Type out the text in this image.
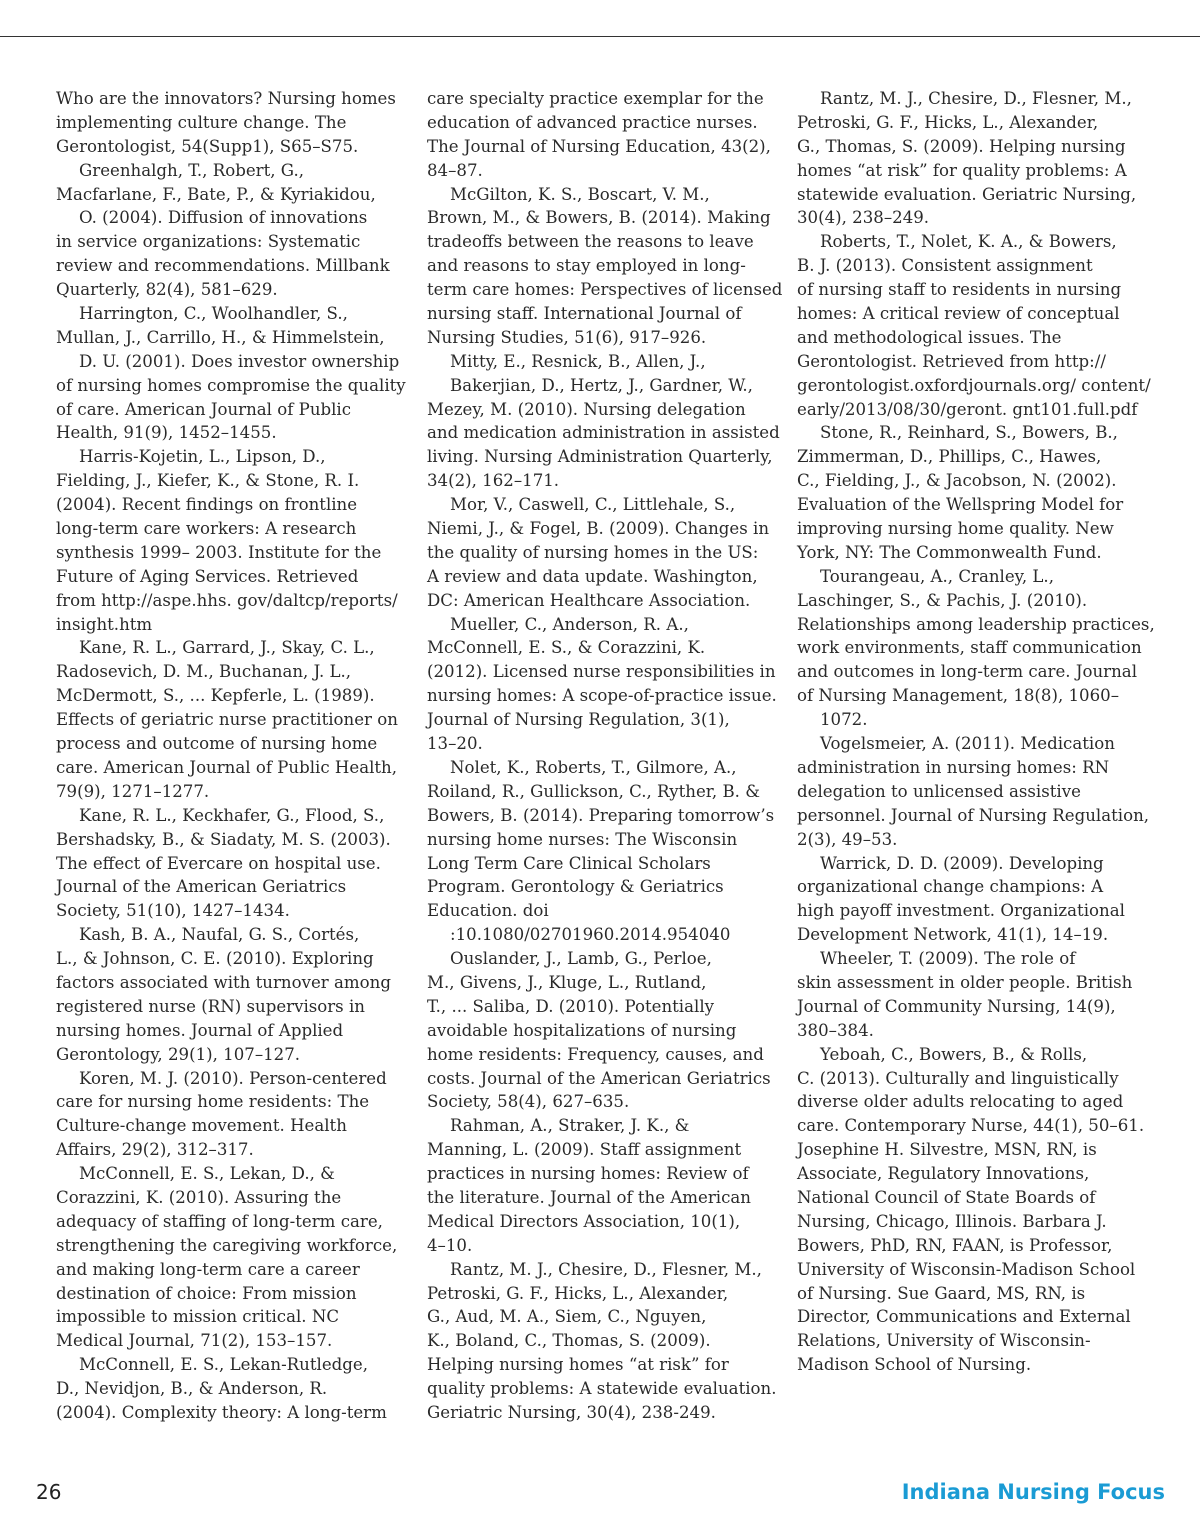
Who are the innovators? Nursing homes
implementing culture change. The
Gerontologist, 54(Supp1), S65–S75.
Greenhalgh, T., Robert, G.,
Macfarlane, F., Bate, P., & Kyriakidou,
O. (2004). Diffusion of innovations
in service organizations: Systematic
review and recommendations. Millbank
Quarterly, 82(4), 581–629.
Harrington, C., Woolhandler, S.,
Mullan, J., Carrillo, H., & Himmelstein,
D. U. (2001). Does investor ownership
of nursing homes compromise the quality
of care. American Journal of Public
Health, 91(9), 1452–1455.
Harris-Kojetin, L., Lipson, D.,
Fielding, J., Kiefer, K., & Stone, R. I.
(2004). Recent findings on frontline
long-term care workers: A research
synthesis 1999– 2003. Institute for the
Future of Aging Services. Retrieved
from http://aspe.hhs. gov/daltcp/reports/
insight.htm
Kane, R. L., Garrard, J., Skay, C. L.,
Radosevich, D. M., Buchanan, J. L.,
McDermott, S., ... Kepferle, L. (1989).
Effects of geriatric nurse practitioner on
process and outcome of nursing home
care. American Journal of Public Health,
79(9), 1271–1277.
Kane, R. L., Keckhafer, G., Flood, S.,
Bershadsky, B., & Siadaty, M. S. (2003).
The effect of Evercare on hospital use.
Journal of the American Geriatrics
Society, 51(10), 1427–1434.
Kash, B. A., Naufal, G. S., Cortés,
L., & Johnson, C. E. (2010). Exploring
factors associated with turnover among
registered nurse (RN) supervisors in
nursing homes. Journal of Applied
Gerontology, 29(1), 107–127.
Koren, M. J. (2010). Person-centered
care for nursing home residents: The
Culture-change movement. Health
Affairs, 29(2), 312–317.
McConnell, E. S., Lekan, D., &
Corazzini, K. (2010). Assuring the
adequacy of staffing of long-term care,
strengthening the caregiving workforce,
and making long-term care a career
destination of choice: From mission
impossible to mission critical. NC
Medical Journal, 71(2), 153–157.
McConnell, E. S., Lekan-Rutledge,
D., Nevidjon, B., & Anderson, R.
(2004). Complexity theory: A long-term
care specialty practice exemplar for the
education of advanced practice nurses.
The Journal of Nursing Education, 43(2),
84–87.
McGilton, K. S., Boscart, V. M.,
Brown, M., & Bowers, B. (2014). Making
tradeoffs between the reasons to leave
and reasons to stay employed in long-
term care homes: Perspectives of licensed
nursing staff. International Journal of
Nursing Studies, 51(6), 917–926.
Mitty, E., Resnick, B., Allen, J.,
Bakerjian, D., Hertz, J., Gardner, W.,
Mezey, M. (2010). Nursing delegation
and medication administration in assisted
living. Nursing Administration Quarterly,
34(2), 162–171.
Mor, V., Caswell, C., Littlehale, S.,
Niemi, J., & Fogel, B. (2009). Changes in
the quality of nursing homes in the US:
A review and data update. Washington,
DC: American Healthcare Association.
Mueller, C., Anderson, R. A.,
McConnell, E. S., & Corazzini, K.
(2012). Licensed nurse responsibilities in
nursing homes: A scope-of-practice issue.
Journal of Nursing Regulation, 3(1),
13–20.
Nolet, K., Roberts, T., Gilmore, A.,
Roiland, R., Gullickson, C., Ryther, B. &
Bowers, B. (2014). Preparing tomorrow’s
nursing home nurses: The Wisconsin
Long Term Care Clinical Scholars
Program. Gerontology & Geriatrics
Education. doi
:10.1080/02701960.2014.954040
Ouslander, J., Lamb, G., Perloe,
M., Givens, J., Kluge, L., Rutland,
T., ... Saliba, D. (2010). Potentially
avoidable hospitalizations of nursing
home residents: Frequency, causes, and
costs. Journal of the American Geriatrics
Society, 58(4), 627–635.
Rahman, A., Straker, J. K., &
Manning, L. (2009). Staff assignment
practices in nursing homes: Review of
the literature. Journal of the American
Medical Directors Association, 10(1),
4–10.
Rantz, M. J., Chesire, D., Flesner, M.,
Petroski, G. F., Hicks, L., Alexander,
G., Aud, M. A., Siem, C., Nguyen,
K., Boland, C., Thomas, S. (2009).
Helping nursing homes “at risk” for
quality problems: A statewide evaluation.
Geriatric Nursing, 30(4), 238-249.
Rantz, M. J., Chesire, D., Flesner, M.,
Petroski, G. F., Hicks, L., Alexander,
G., Thomas, S. (2009). Helping nursing
homes “at risk” for quality problems: A
statewide evaluation. Geriatric Nursing,
30(4), 238–249.
Roberts, T., Nolet, K. A., & Bowers,
B. J. (2013). Consistent assignment
of nursing staff to residents in nursing
homes: A critical review of conceptual
and methodological issues. The
Gerontologist. Retrieved from http://
gerontologist.oxfordjournals.org/ content/
early/2013/08/30/geront. gnt101.full.pdf
Stone, R., Reinhard, S., Bowers, B.,
Zimmerman, D., Phillips, C., Hawes,
C., Fielding, J., & Jacobson, N. (2002).
Evaluation of the Wellspring Model for
improving nursing home quality. New
York, NY: The Commonwealth Fund.
Tourangeau, A., Cranley, L.,
Laschinger, S., & Pachis, J. (2010).
Relationships among leadership practices,
work environments, staff communication
and outcomes in long-term care. Journal
of Nursing Management, 18(8), 1060–
1072.
Vogelsmeier, A. (2011). Medication
administration in nursing homes: RN
delegation to unlicensed assistive
personnel. Journal of Nursing Regulation,
2(3), 49–53.
Warrick, D. D. (2009). Developing
organizational change champions: A
high payoff investment. Organizational
Development Network, 41(1), 14–19.
Wheeler, T. (2009). The role of
skin assessment in older people. British
Journal of Community Nursing, 14(9),
380–384.
Yeboah, C., Bowers, B., & Rolls,
C. (2013). Culturally and linguistically
diverse older adults relocating to aged
care. Contemporary Nurse, 44(1), 50–61.
Josephine H. Silvestre, MSN, RN, is
Associate, Regulatory Innovations,
National Council of State Boards of
Nursing, Chicago, Illinois. Barbara J.
Bowers, PhD, RN, FAAN, is Professor,
University of Wisconsin-Madison School
of Nursing. Sue Gaard, MS, RN, is
Director, Communications and External
Relations, University of Wisconsin-
Madison School of Nursing.
26	Indiana Nursing Focus
